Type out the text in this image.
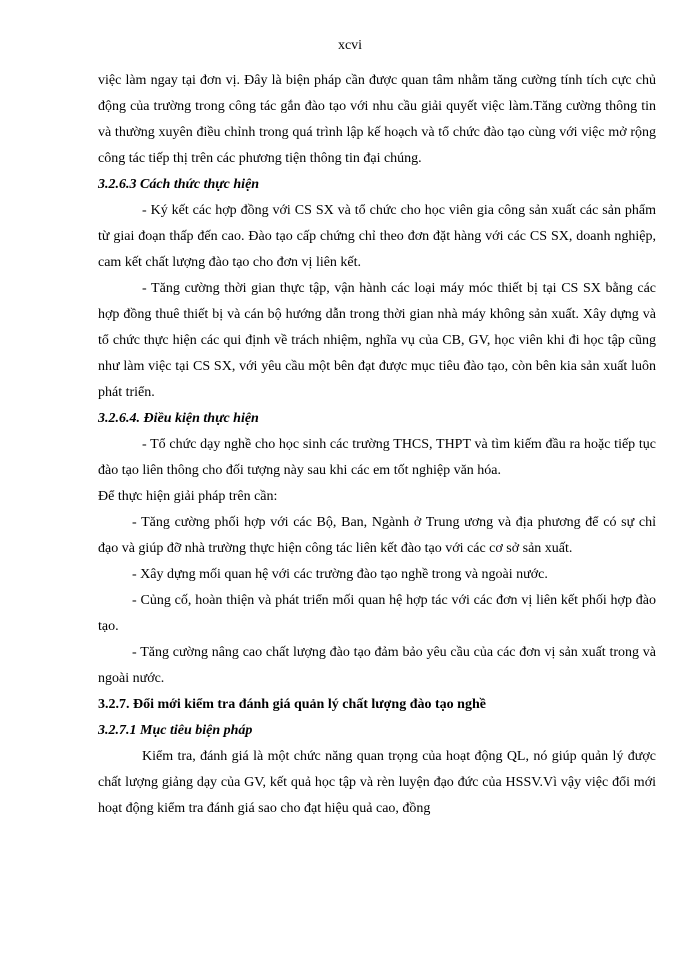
xcvi

việc làm ngay tại đơn vị. Đây là biện pháp cần được quan tâm nhằm tăng cường tính tích cực chủ động của trường trong công tác gắn đào tạo với nhu cầu giải quyết việc làm.Tăng cường thông tin và thường xuyên điều chỉnh trong quá trình lập kế hoạch và tổ chức đào tạo cùng với việc mở rộng công tác tiếp thị trên các phương tiện thông tin đại chúng.

3.2.6.3 Cách thức thực hiện

- Ký kết các hợp đồng với CS SX và tổ chức cho học viên gia công sản xuất các sản phẩm từ giai đoạn thấp đến cao. Đào tạo cấp chứng chỉ theo đơn đặt hàng với các CS SX, doanh nghiệp, cam kết chất lượng đào tạo cho đơn vị liên kết.

- Tăng cường thời gian thực tập, vận hành các loại máy móc thiết bị tại CS SX bằng các hợp đồng thuê thiết bị và cán bộ hướng dẫn trong thời gian nhà máy không sản xuất. Xây dựng và tổ chức thực hiện các qui định về trách nhiệm, nghĩa vụ của CB, GV, học viên khi đi học tập cũng như làm việc tại CS SX, với yêu cầu một bên đạt được mục tiêu đào tạo, còn bên kia sản xuất luôn phát triển.

3.2.6.4. Điều kiện thực hiện

- Tổ chức dạy nghề cho học sinh các trường THCS, THPT và tìm kiếm đầu ra hoặc tiếp tục đào tạo liên thông cho đối tượng này sau khi các em tốt nghiệp văn hóa.

Để thực hiện giải pháp trên cần:

- Tăng cường phối hợp với các Bộ, Ban, Ngành ở Trung ương và địa phương để có sự chỉ đạo và giúp đỡ nhà trường thực hiện công tác liên kết đào tạo với các cơ sở sản xuất.

- Xây dựng mối quan hệ với các trường đào tạo nghề trong và ngoài nước.

- Củng cố, hoàn thiện và phát triển mối quan hệ hợp tác với các đơn vị liên kết phối hợp đào tạo.

- Tăng cường nâng cao chất lượng đào tạo đảm bảo yêu cầu của các đơn vị sản xuất trong và ngoài nước.

3.2.7. Đổi mới kiểm tra đánh giá quản lý chất lượng đào tạo nghề

3.2.7.1 Mục tiêu biện pháp

Kiểm tra, đánh giá là một chức năng quan trọng của hoạt động QL, nó giúp quản lý được chất lượng giảng dạy của GV, kết quả học tập và rèn luyện đạo đức của HSSV.Vì vậy việc đổi mới hoạt động kiểm tra đánh giá sao cho đạt hiệu quả cao, đồng
